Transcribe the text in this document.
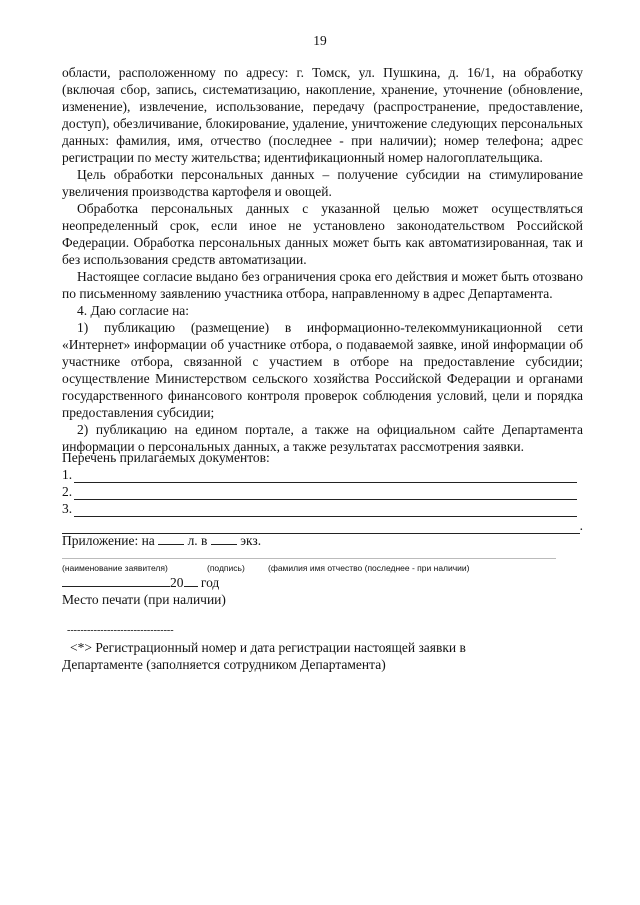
19

области, расположенному по адресу: г. Томск, ул. Пушкина, д. 16/1, на обработку (включая сбор, запись, систематизацию, накопление, хранение, уточнение (обновление, изменение), извлечение, использование, передачу (распространение, предоставление, доступ), обезличивание, блокирование, удаление, уничтожение следующих персональных данных: фамилия, имя, отчество (последнее - при наличии); номер телефона; адрес регистрации по месту жительства; идентификационный номер налогоплательщика.

Цель обработки персональных данных – получение субсидии на стимулирование увеличения производства картофеля и овощей.

Обработка персональных данных с указанной целью может осуществляться неопределенный срок, если иное не установлено законодательством Российской Федерации. Обработка персональных данных может быть как автоматизированная, так и без использования средств автоматизации.

Настоящее согласие выдано без ограничения срока его действия и может быть отозвано по письменному заявлению участника отбора, направленному в адрес Департамента.

4. Даю согласие на:

1) публикацию (размещение) в информационно-телекоммуникационной сети «Интернет» информации об участнике отбора, о подаваемой заявке, иной информации об участнике отбора, связанной с участием в отборе на предоставление субсидии; осуществление Министерством сельского хозяйства Российской Федерации и органами государственного финансового контроля проверок соблюдения условий, цели и порядка предоставления субсидии;

2) публикацию на едином портале, а также на официальном сайте Департамента информации о персональных данных, а также результатах рассмотрения заявки.

Перечень прилагаемых документов:
1.
2.
3.
.
Приложение: на л. в экз.
(наименование заявителя)	(подпись)	(фамилия имя отчество (последнее - при наличии)
20 год
Место печати (при наличии)
--------------------------------
<*> Регистрационный номер и дата регистрации настоящей заявки в Департаменте (заполняется сотрудником Департамента)
